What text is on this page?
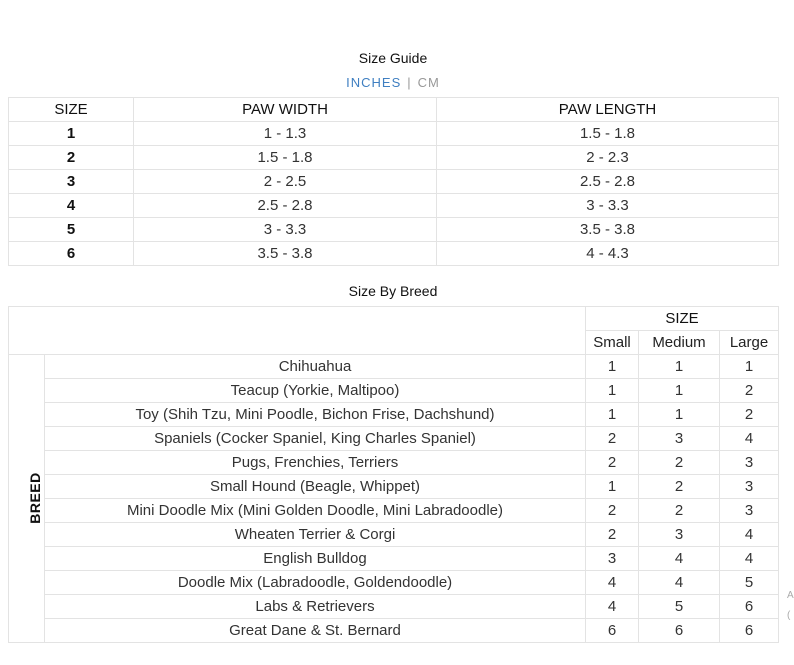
Size Guide
INCHES | CM
SIZE	PAW WIDTH	PAW LENGTH
1	1 - 1.3	1.5 - 1.8
2	1.5 - 1.8	2 - 2.3
3	2 - 2.5	2.5 - 2.8
4	2.5 - 2.8	3 - 3.3
5	3 - 3.3	3.5 - 3.8
6	3.5 - 3.8	4 - 4.3
Size By Breed
		SIZE		
		Small	Medium	Large
BREED	Chihuahua	1	1	1
	Teacup (Yorkie, Maltipoo)	1	1	2
	Toy (Shih Tzu, Mini Poodle, Bichon Frise, Dachshund)	1	1	2
	Spaniels (Cocker Spaniel, King Charles Spaniel)	2	3	4
	Pugs, Frenchies, Terriers	2	2	3
	Small Hound (Beagle, Whippet)	1	2	3
	Mini Doodle Mix (Mini Golden Doodle, Mini Labradoodle)	2	2	3
	Wheaten Terrier & Corgi	2	3	4
	English Bulldog	3	4	4
	Doodle Mix (Labradoodle, Goldendoodle)	4	4	5
	Labs & Retrievers	4	5	6
	Great Dane & St. Bernard	6	6	6
A
(
